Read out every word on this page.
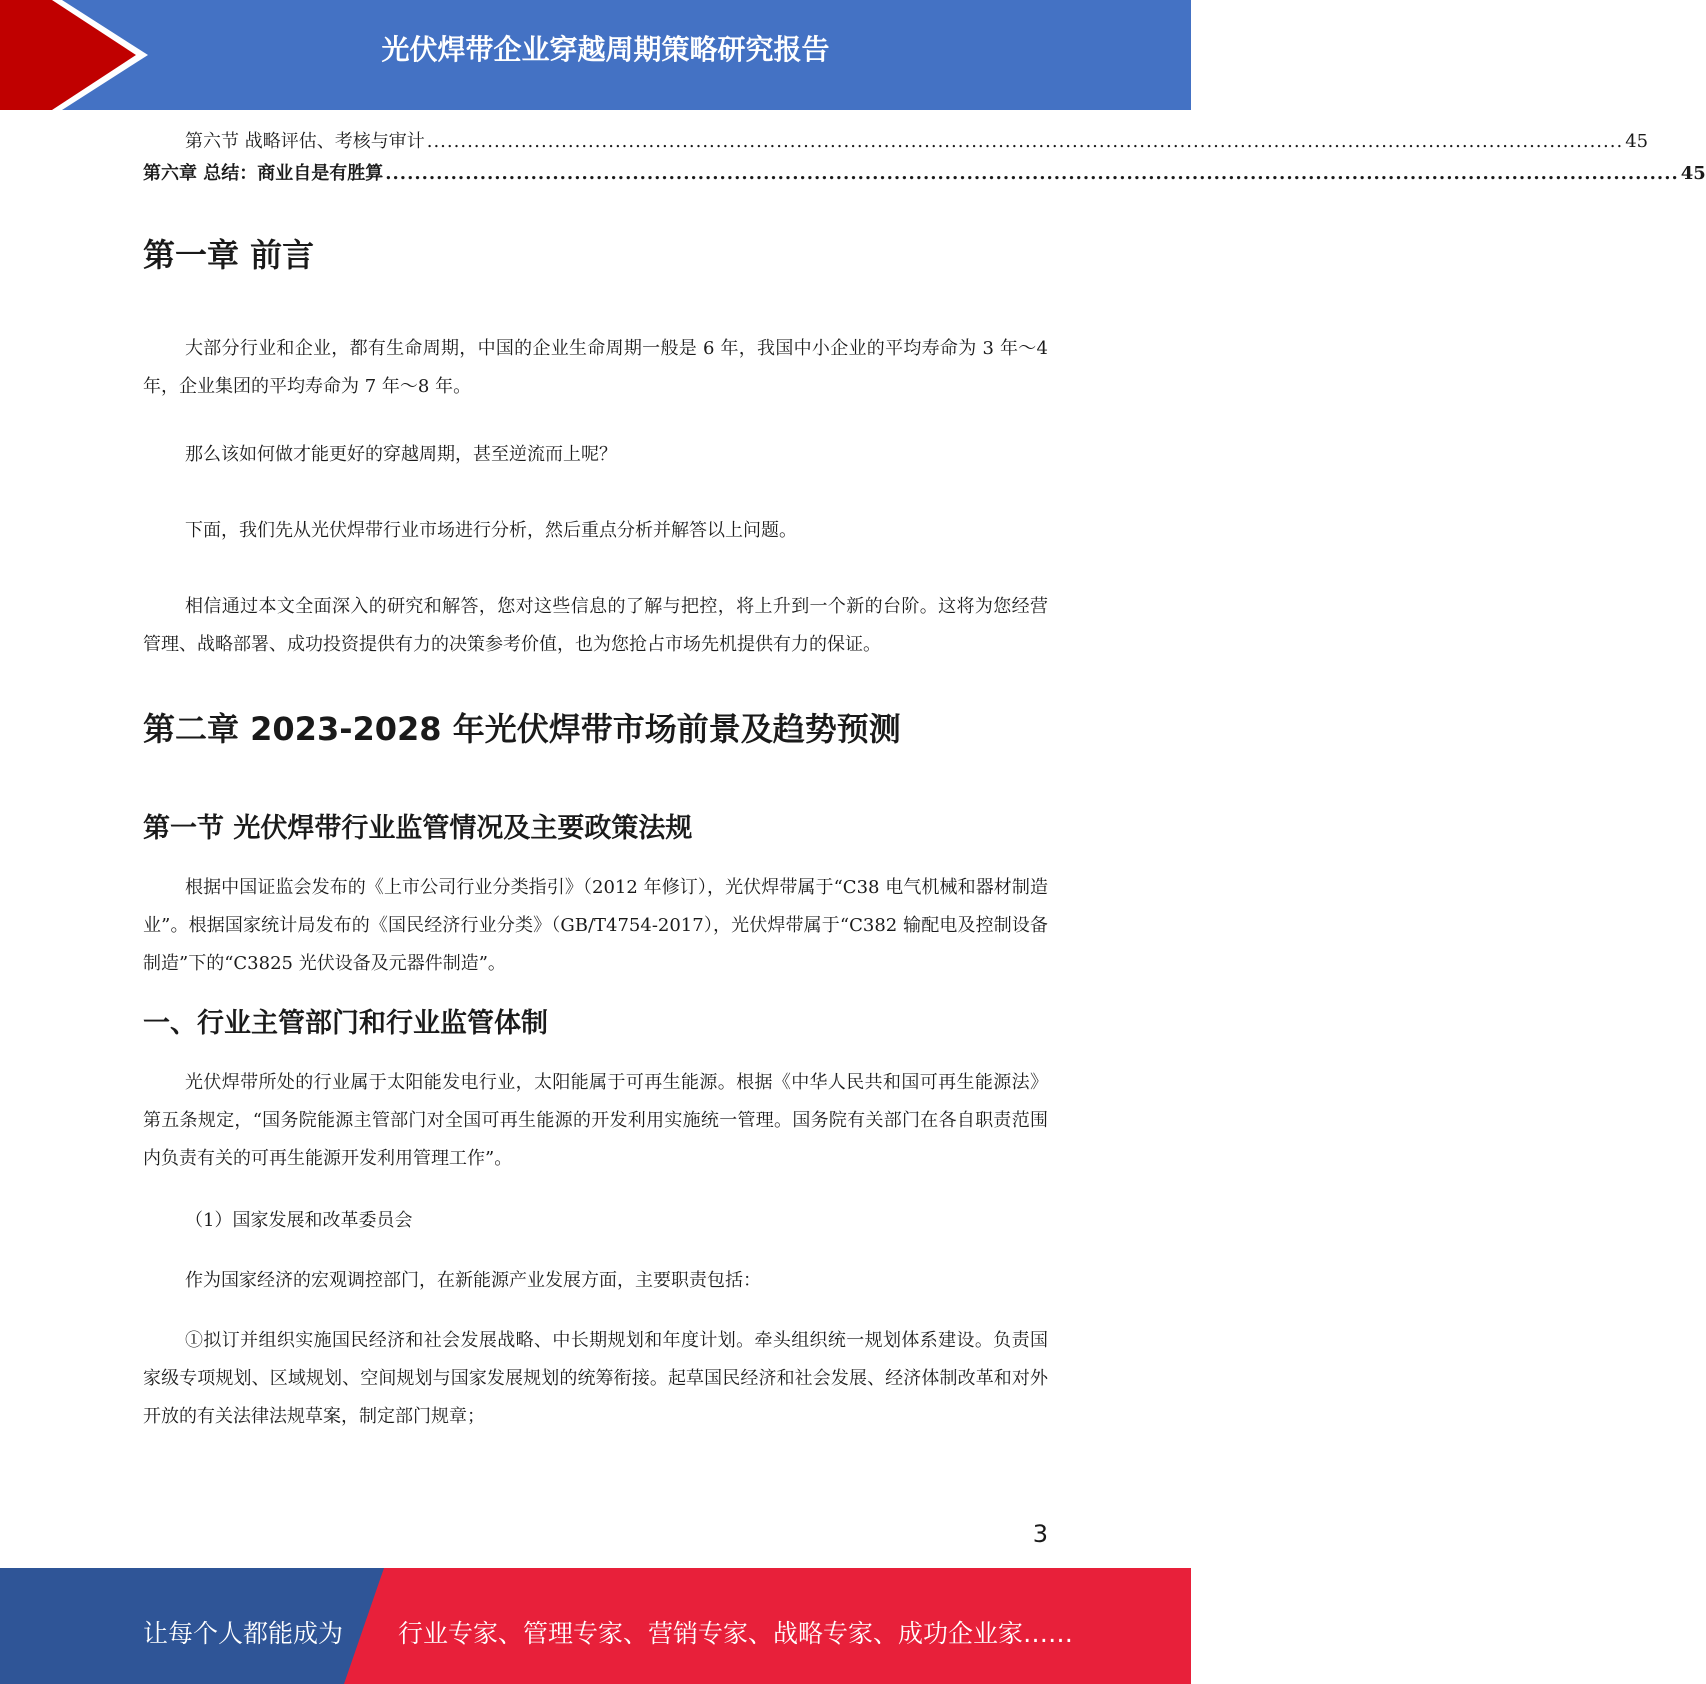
光伏焊带企业穿越周期策略研究报告
第六节 战略评估、考核与审计 .................................................................................................................................................................................. 45
第六章 总结：商业自是有胜算 .................................................................................................................................................................................. 45
第一章 前言

大部分行业和企业，都有生命周期，中国的企业生命周期一般是 6 年，我国中小企业的平均寿命为 3 年～4 年，企业集团的平均寿命为 7 年～8 年。

那么该如何做才能更好的穿越周期，甚至逆流而上呢？

下面，我们先从光伏焊带行业市场进行分析，然后重点分析并解答以上问题。

相信通过本文全面深入的研究和解答，您对这些信息的了解与把控，将上升到一个新的台阶。这将为您经营管理、战略部署、成功投资提供有力的决策参考价值，也为您抢占市场先机提供有力的保证。

第二章 2023-2028 年光伏焊带市场前景及趋势预测
第一节 光伏焊带行业监管情况及主要政策法规

根据中国证监会发布的《上市公司行业分类指引》（2012 年修订），光伏焊带属于“C38 电气机械和器材制造业”。根据国家统计局发布的《国民经济行业分类》（GB/T4754-2017），光伏焊带属于“C382 输配电及控制设备制造”下的“C3825 光伏设备及元器件制造”。

一、行业主管部门和行业监管体制

光伏焊带所处的行业属于太阳能发电行业，太阳能属于可再生能源。根据《中华人民共和国可再生能源法》第五条规定，“国务院能源主管部门对全国可再生能源的开发利用实施统一管理。国务院有关部门在各自职责范围内负责有关的可再生能源开发利用管理工作”。

（1）国家发展和改革委员会

作为国家经济的宏观调控部门，在新能源产业发展方面，主要职责包括：

①拟订并组织实施国民经济和社会发展战略、中长期规划和年度计划。牵头组织统一规划体系建设。负责国家级专项规划、区域规划、空间规划与国家发展规划的统筹衔接。起草国民经济和社会发展、经济体制改革和对外开放的有关法律法规草案，制定部门规章；

3
让每个人都能成为 行业专家、管理专家、营销专家、战略专家、成功企业家……
